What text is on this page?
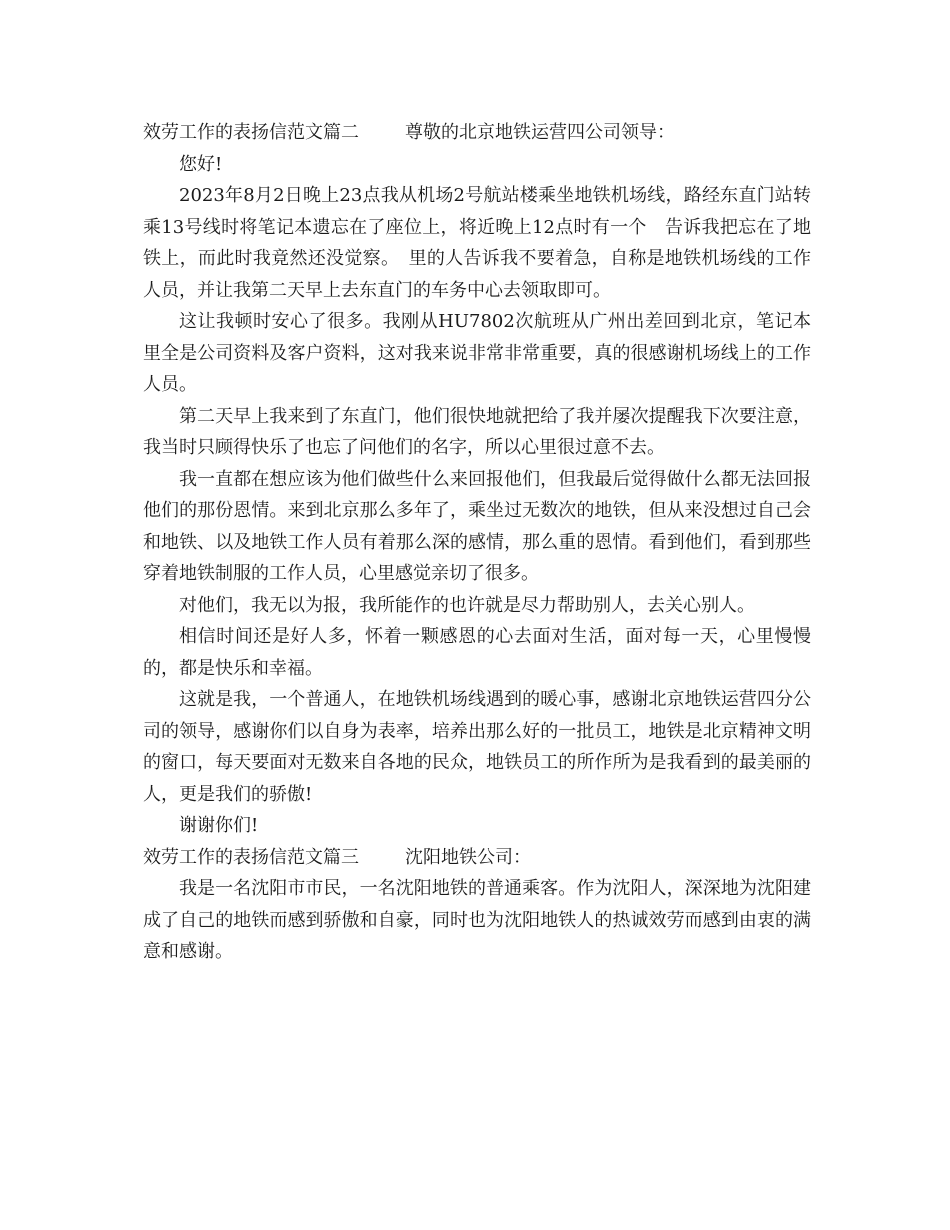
效劳工作的表扬信范文篇二	尊敬的北京地铁运营四公司领导：

您好!

2023年8月2日晚上23点我从机场2号航站楼乘坐地铁机场线，路经东直门站转乘13号线时将笔记本遗忘在了座位上，将近晚上12点时有一个　告诉我把忘在了地铁上，而此时我竟然还没觉察。　里的人告诉我不要着急，自称是地铁机场线的工作人员，并让我第二天早上去东直门的车务中心去领取即可。

这让我顿时安心了很多。我刚从HU7802次航班从广州出差回到北京，笔记本里全是公司资料及客户资料，这对我来说非常非常重要，真的很感谢机场线上的工作人员。

第二天早上我来到了东直门，他们很快地就把给了我并屡次提醒我下次要注意，我当时只顾得快乐了也忘了问他们的名字，所以心里很过意不去。

我一直都在想应该为他们做些什么来回报他们，但我最后觉得做什么都无法回报他们的那份恩情。来到北京那么多年了，乘坐过无数次的地铁，但从来没想过自己会和地铁、以及地铁工作人员有着那么深的感情，那么重的恩情。看到他们，看到那些穿着地铁制服的工作人员，心里感觉亲切了很多。

对他们，我无以为报，我所能作的也许就是尽力帮助别人，去关心别人。

相信时间还是好人多，怀着一颗感恩的心去面对生活，面对每一天，心里慢慢的，都是快乐和幸福。

这就是我，一个普通人，在地铁机场线遇到的暖心事，感谢北京地铁运营四分公司的领导，感谢你们以自身为表率，培养出那么好的一批员工，地铁是北京精神文明的窗口，每天要面对无数来自各地的民众，地铁员工的所作所为是我看到的最美丽的人，更是我们的骄傲!

谢谢你们!

效劳工作的表扬信范文篇三	沈阳地铁公司：

我是一名沈阳市市民，一名沈阳地铁的普通乘客。作为沈阳人，深深地为沈阳建成了自己的地铁而感到骄傲和自豪，同时也为沈阳地铁人的热诚效劳而感到由衷的满意和感谢。
